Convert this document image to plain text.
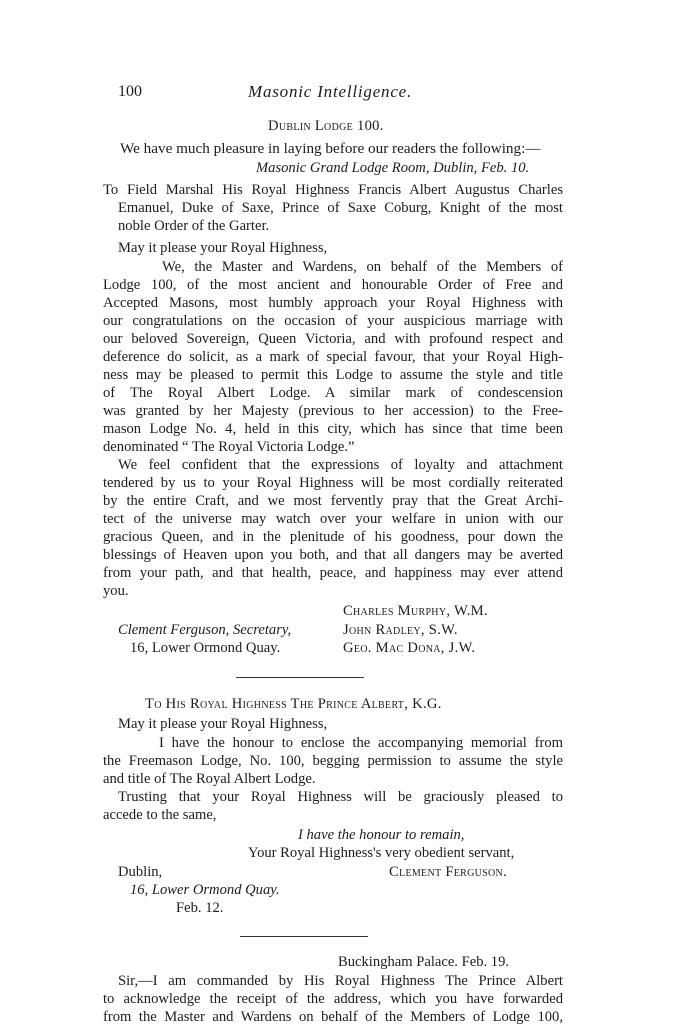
100	Masonic Intelligence.
Dublin Lodge 100.
We have much pleasure in laying before our readers the following:—
Masonic Grand Lodge Room, Dublin, Feb. 10.
To Field Marshal His Royal Highness Francis Albert Augustus Charles
Emanuel, Duke of Saxe, Prince of Saxe Coburg, Knight of the most
noble Order of the Garter.
May it please your Royal Highness,
We, the Master and Wardens, on behalf of the Members of
Lodge 100, of the most ancient and honourable Order of Free and
Accepted Masons, most humbly approach your Royal Highness with
our congratulations on the occasion of your auspicious marriage with
our beloved Sovereign, Queen Victoria, and with profound respect and
deference do solicit, as a mark of special favour, that your Royal High-
ness may be pleased to permit this Lodge to assume the style and title
of The Royal Albert Lodge. A similar mark of condescension
was granted by her Majesty (previous to her accession) to the Free-
mason Lodge No. 4, held in this city, which has since that time been
denominated “ The Royal Victoria Lodge.”
We feel confident that the expressions of loyalty and attachment
tendered by us to your Royal Highness will be most cordially reiterated
by the entire Craft, and we most fervently pray that the Great Archi-
tect of the universe may watch over your welfare in union with our
gracious Queen, and in the plenitude of his goodness, pour down the
blessings of Heaven upon you both, and that all dangers may be averted
from your path, and that health, peace, and happiness may ever attend
you.
Clement Ferguson, Secretary,
16, Lower Ormond Quay.
Charles Murphy, W.M.
John Radley, S.W.
Geo. Mac Dona, J.W.
To His Royal Highness The Prince Albert, K.G.
May it please your Royal Highness,
I have the honour to enclose the accompanying memorial from
the Freemason Lodge, No. 100, begging permission to assume the style
and title of The Royal Albert Lodge.
Trusting that your Royal Highness will be graciously pleased to
accede to the same,
I have the honour to remain,
Your Royal Highness's very obedient servant,
Dublin,	Clement Ferguson.
16, Lower Ormond Quay.
Feb. 12.
Buckingham Palace. Feb. 19.
Sir,—I am commanded by His Royal Highness The Prince Albert
to acknowledge the receipt of the address, which you have forwarded
from the Master and Wardens on behalf of the Members of Lodge 100,
